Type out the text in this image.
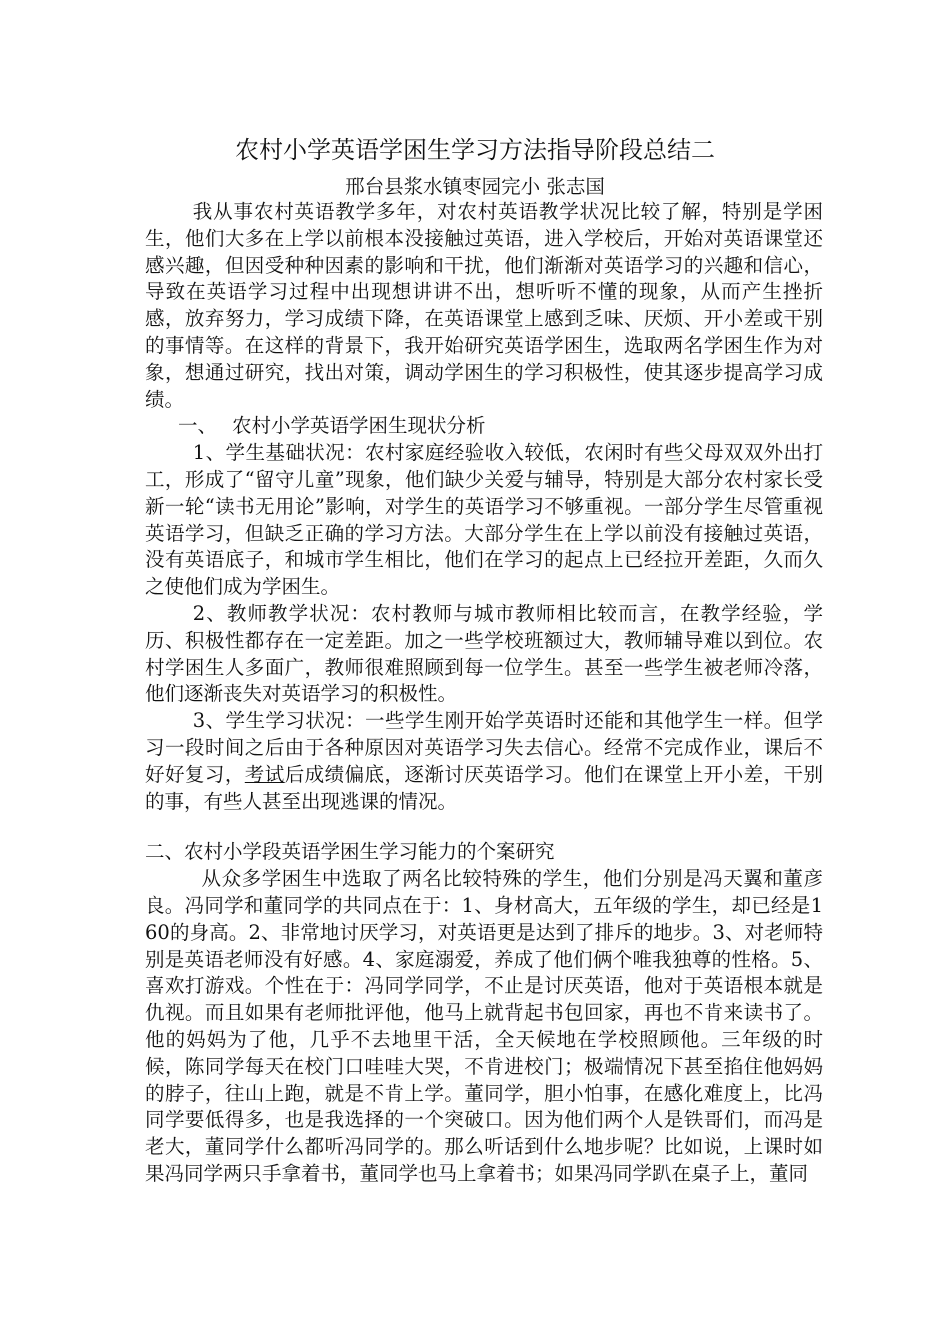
农村小学英语学困生学习方法指导阶段总结二

邢台县浆水镇枣园完小 张志国

我从事农村英语教学多年，对农村英语教学状况比较了解，特别是学困生，他们大多在上学以前根本没接触过英语，进入学校后，开始对英语课堂还感兴趣，但因受种种因素的影响和干扰，他们渐渐对英语学习的兴趣和信心，导致在英语学习过程中出现想讲讲不出，想听听不懂的现象，从而产生挫折感，放弃努力，学习成绩下降，在英语课堂上感到乏味、厌烦、开小差或干别的事情等。在这样的背景下，我开始研究英语学困生，选取两名学困生作为对象，想通过研究，找出对策，调动学困生的学习积极性，使其逐步提高学习成绩。

一、 农村小学英语学困生现状分析

1、学生基础状况：农村家庭经验收入较低，农闲时有些父母双双外出打工，形成了“留守儿童”现象，他们缺少关爱与辅导，特别是大部分农村家长受新一轮“读书无用论”影响，对学生的英语学习不够重视。一部分学生尽管重视英语学习，但缺乏正确的学习方法。大部分学生在上学以前没有接触过英语，没有英语底子，和城市学生相比，他们在学习的起点上已经拉开差距，久而久之使他们成为学困生。

2、教师教学状况：农村教师与城市教师相比较而言，在教学经验，学历、积极性都存在一定差距。加之一些学校班额过大，教师辅导难以到位。农村学困生人多面广，教师很难照顾到每一位学生。甚至一些学生被老师冷落，他们逐渐丧失对英语学习的积极性。

3、学生学习状况：一些学生刚开始学英语时还能和其他学生一样。但学习一段时间之后由于各种原因对英语学习失去信心。经常不完成作业，课后不好好复习，考试后成绩偏底，逐渐讨厌英语学习。他们在课堂上开小差，干别的事，有些人甚至出现逃课的情况。

二、农村小学段英语学困生学习能力的个案研究

从众多学困生中选取了两名比较特殊的学生，他们分别是冯天翼和董彦良。冯同学和董同学的共同点在于：1、身材高大，五年级的学生，却已经是160的身高。2、非常地讨厌学习，对英语更是达到了排斥的地步。3、对老师特别是英语老师没有好感。4、家庭溺爱，养成了他们俩个唯我独尊的性格。5、喜欢打游戏。个性在于：冯同学同学，不止是讨厌英语，他对于英语根本就是仇视。而且如果有老师批评他，他马上就背起书包回家，再也不肯来读书了。他的妈妈为了他，几乎不去地里干活，全天候地在学校照顾他。三年级的时候，陈同学每天在校门口哇哇大哭，不肯进校门；极端情况下甚至掐住他妈妈的脖子，往山上跑，就是不肯上学。董同学，胆小怕事，在感化难度上，比冯同学要低得多，也是我选择的一个突破口。因为他们两个人是铁哥们，而冯是老大，董同学什么都听冯同学的。那么听话到什么地步呢？比如说，上课时如果冯同学两只手拿着书，董同学也马上拿着书；如果冯同学趴在桌子上，董同
